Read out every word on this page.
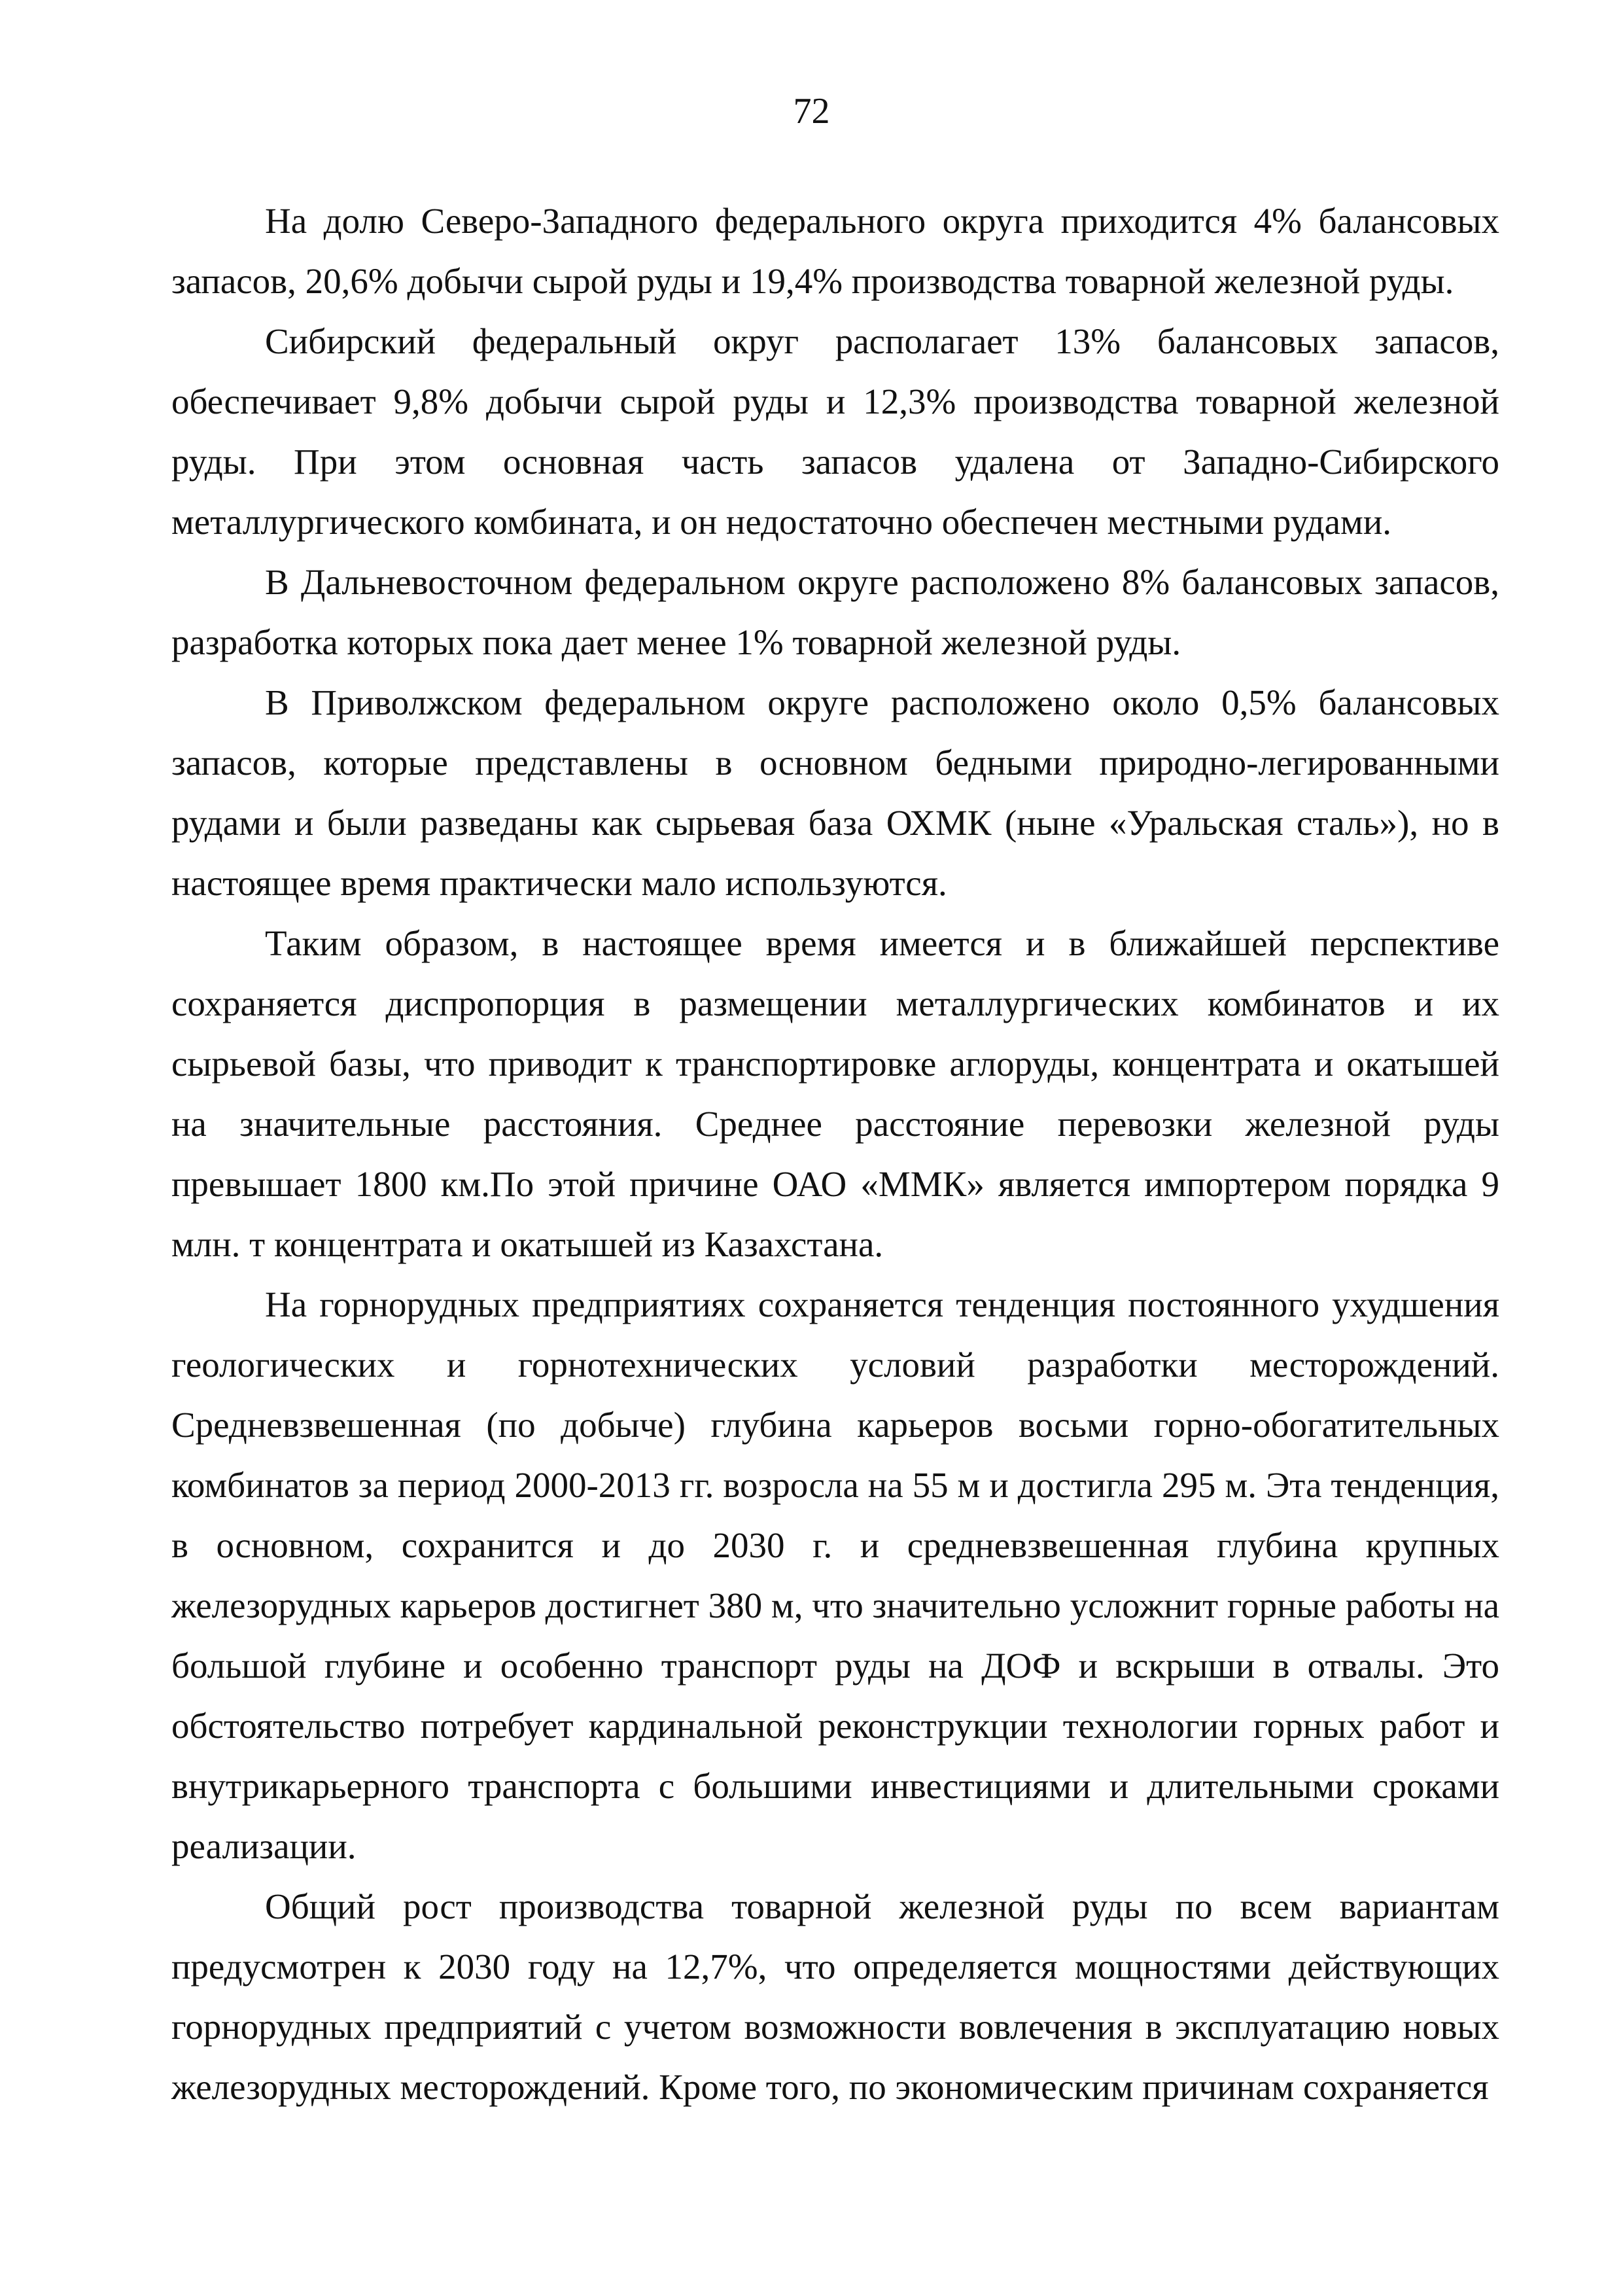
72

На долю Северо-Западного федерального округа приходится 4% балансовых запасов, 20,6% добычи сырой руды и 19,4% производства товарной железной руды.

Сибирский федеральный округ располагает 13% балансовых запасов, обеспечивает 9,8% добычи сырой руды и 12,3% производства товарной железной руды. При этом основная часть запасов удалена от Западно-Сибирского металлургического комбината, и он недостаточно обеспечен местными рудами.

В Дальневосточном федеральном округе расположено 8% балансовых запасов, разработка которых пока дает менее 1% товарной железной руды.

В Приволжском федеральном округе расположено около 0,5% балансовых запасов, которые представлены в основном бедными природно-легированными рудами и были разведаны как сырьевая база ОХМК (ныне «Уральская сталь»), но в настоящее время практически мало используются.

Таким образом, в настоящее время имеется и в ближайшей перспективе сохраняется диспропорция в размещении металлургических комбинатов и их сырьевой базы, что приводит к транспортировке аглоруды, концентрата и окатышей на значительные расстояния. Среднее расстояние перевозки железной руды превышает 1800 км.По этой причине ОАО «ММК» является импортером порядка 9 млн. т концентрата и окатышей из Казахстана.

На горнорудных предприятиях сохраняется тенденция постоянного ухудшения геологических и горнотехнических условий разработки месторождений. Средневзвешенная (по добыче) глубина карьеров восьми горно-обогатительных комбинатов за период 2000-2013 гг. возросла на 55 м и достигла 295 м. Эта тенденция, в основном, сохранится и до 2030 г. и средневзвешенная глубина крупных железорудных карьеров достигнет 380 м, что значительно усложнит горные работы на большой глубине и особенно транспорт руды на ДОФ и вскрыши в отвалы. Это обстоятельство потребует кардинальной реконструкции технологии горных работ и внутрикарьерного транспорта с большими инвестициями и длительными сроками реализации.

Общий рост производства товарной железной руды по всем вариантам предусмотрен к 2030 году на 12,7%, что определяется мощностями действующих горнорудных предприятий с учетом возможности вовлечения в эксплуатацию новых железорудных месторождений. Кроме того, по экономическим причинам сохраняется
